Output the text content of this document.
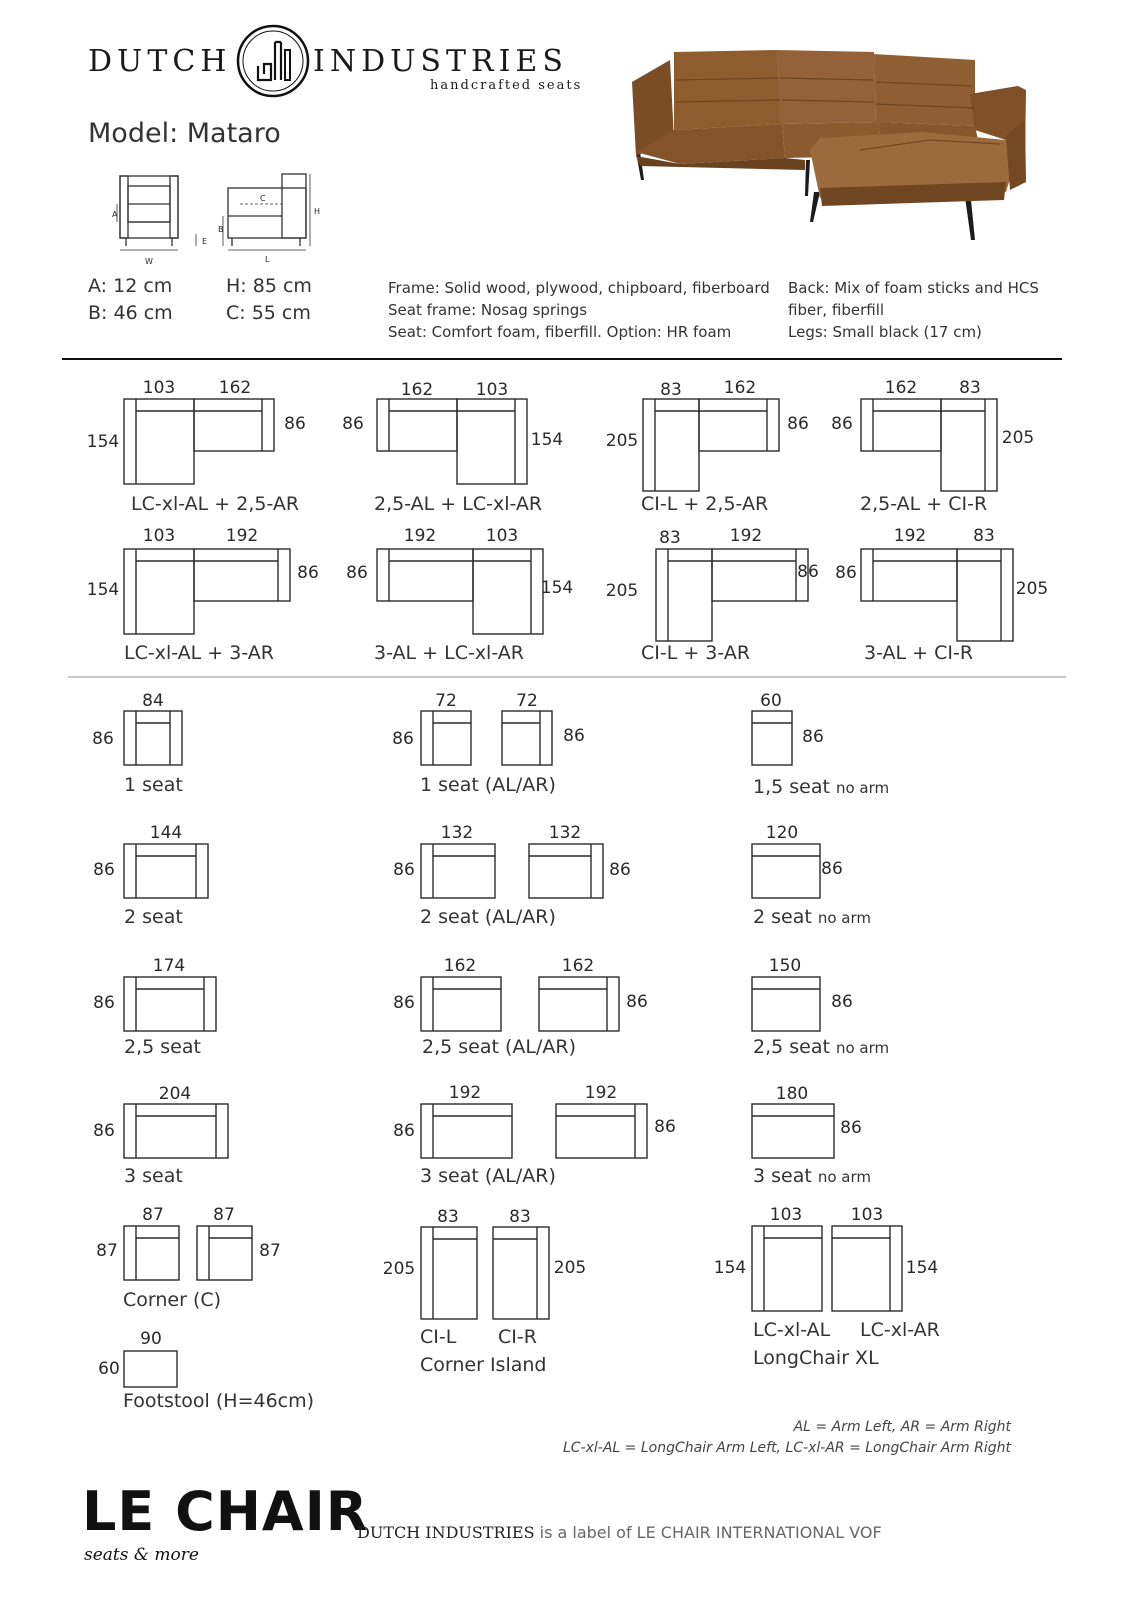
DUTCH	INDUSTRIES
handcrafted seats
Model: Mataro
W
A
B
C
E
H
L
A: 12 cm
B: 46 cm
H: 85 cm
C: 55 cm
Frame: Solid wood, plywood, chipboard, fiberboard
Seat frame: Nosag springs
Seat: Comfort foam, fiberfill. Option: HR foam
Back: Mix of foam sticks and HCS
fiber, fiberfill
Legs: Small black (17 cm)
103	162
154
86
162	103
86
154
83 162
205
86
162 83
86
205
103	192
154
86
192	103
86
154
83	192
205
86
192	83
86
205
84
86
72	72
86	86
60
86
144
86
132	132
86	86
120
86
174
86
162	162
86	86
150
86
204
86
192	192
86	86
180
86
87	87
87	87
83	83
205	205
103	103
154	154
90
60
LC-xl-AL + 2,5-AR	2,5-AL + LC-xl-AR	CI-L + 2,5-AR	2,5-AL + CI-R
LC-xl-AL + 3-AR	3-AL + LC-xl-AR	CI-L + 3-AR	3-AL + CI-R
1 seat	1 seat (AL/AR)	1,5 seat no arm
2 seat	2 seat (AL/AR)	2 seat no arm
2,5 seat	2,5 seat (AL/AR)	2,5 seat no arm
3 seat	3 seat (AL/AR)	3 seat no arm
Corner (C)
CI-L CI-R
Corner Island
LC-xl-AL LC-xl-AR
LongChair XL
Footstool (H=46cm)
AL = Arm Left, AR = Arm Right
LC-xl-AL = LongChair Arm Left, LC-xl-AR = LongChair Arm Right
LE CHAIR
seats & more
DUTCH INDUSTRIES is a label of LE CHAIR INTERNATIONAL VOF
